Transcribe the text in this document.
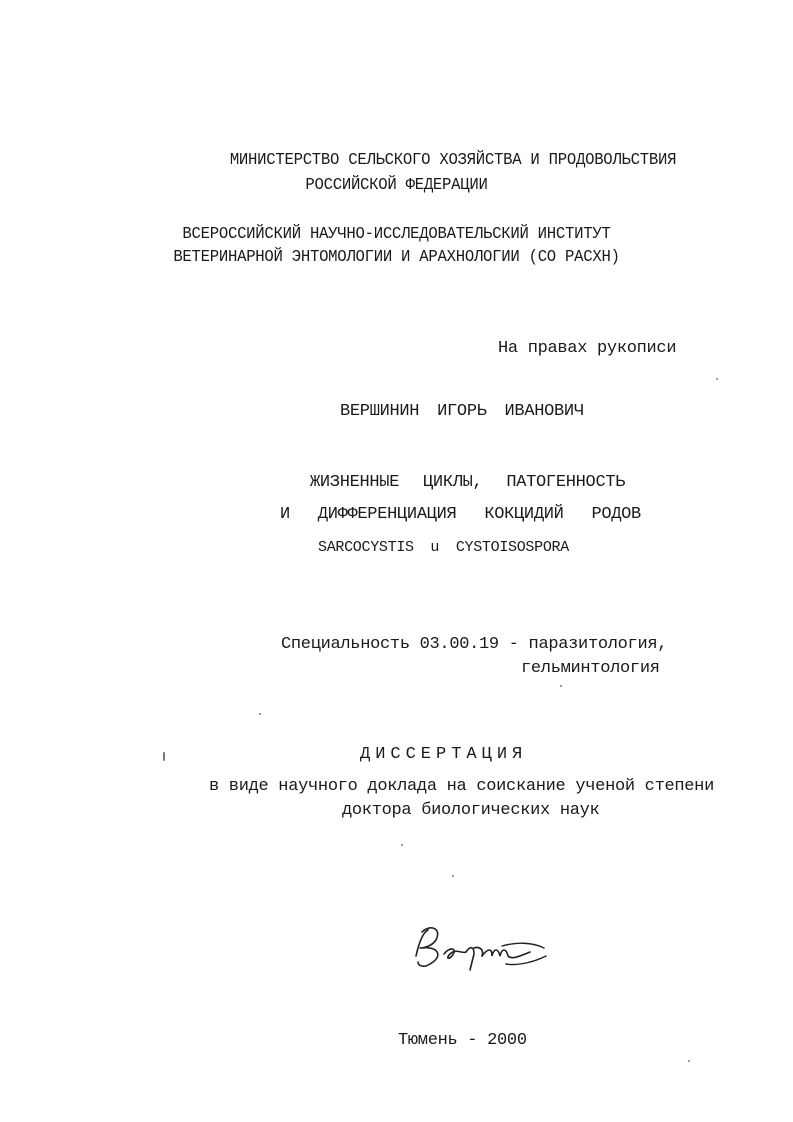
МИНИСТЕРСТВО СЕЛЬСКОГО ХОЗЯЙСТВА И ПРОДОВОЛЬСТВИЯ
РОССИЙСКОЙ ФЕДЕРАЦИИ
ВСЕРОССИЙСКИЙ НАУЧНО-ИССЛЕДОВАТЕЛЬСКИЙ ИНСТИТУТ
ВЕТЕРИНАРНОЙ ЭНТОМОЛОГИИ И АРАХНОЛОГИИ (СО РАСХН)
На правах рукописи
ВЕРШИНИН ИГОРЬ ИВАНОВИЧ
ЖИЗНЕННЫЕ ЦИКЛЫ, ПАТОГЕННОСТЬ
И ДИФФЕРЕНЦИАЦИЯ КОКЦИДИЙ РОДОВ
SARCOCYSTIS u CYSTOISOSPORA
Специальность 03.00.19 - паразитология,
гельминтология
ДИССЕРТАЦИЯ
в виде научного доклада на соискание ученой степени
доктора биологических наук
Тюмень - 2000
